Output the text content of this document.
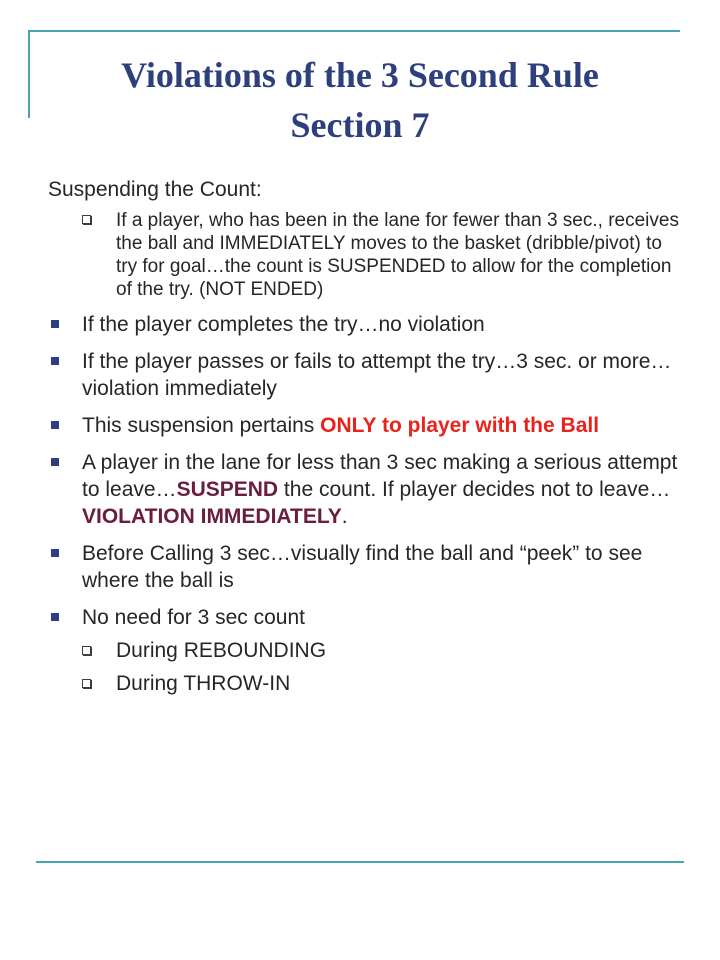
Violations of the 3 Second Rule
Section 7
Suspending the Count:
If a player, who has been in the lane for fewer than 3 sec., receives the ball and IMMEDIATELY moves to the basket (dribble/pivot) to try for goal…the count is SUSPENDED to allow for the completion of the try. (NOT ENDED)
If the player completes the try…no violation
If the player passes or fails to attempt the try…3 sec. or more…violation immediately
This suspension pertains ONLY to player with the Ball
A player in the lane for less than 3 sec making a serious attempt to leave…SUSPEND the count. If player decides not to leave…VIOLATION IMMEDIATELY.
Before Calling 3 sec…visually find the ball and “peek” to see where the ball is
No need for 3 sec count
During REBOUNDING
During THROW-IN
